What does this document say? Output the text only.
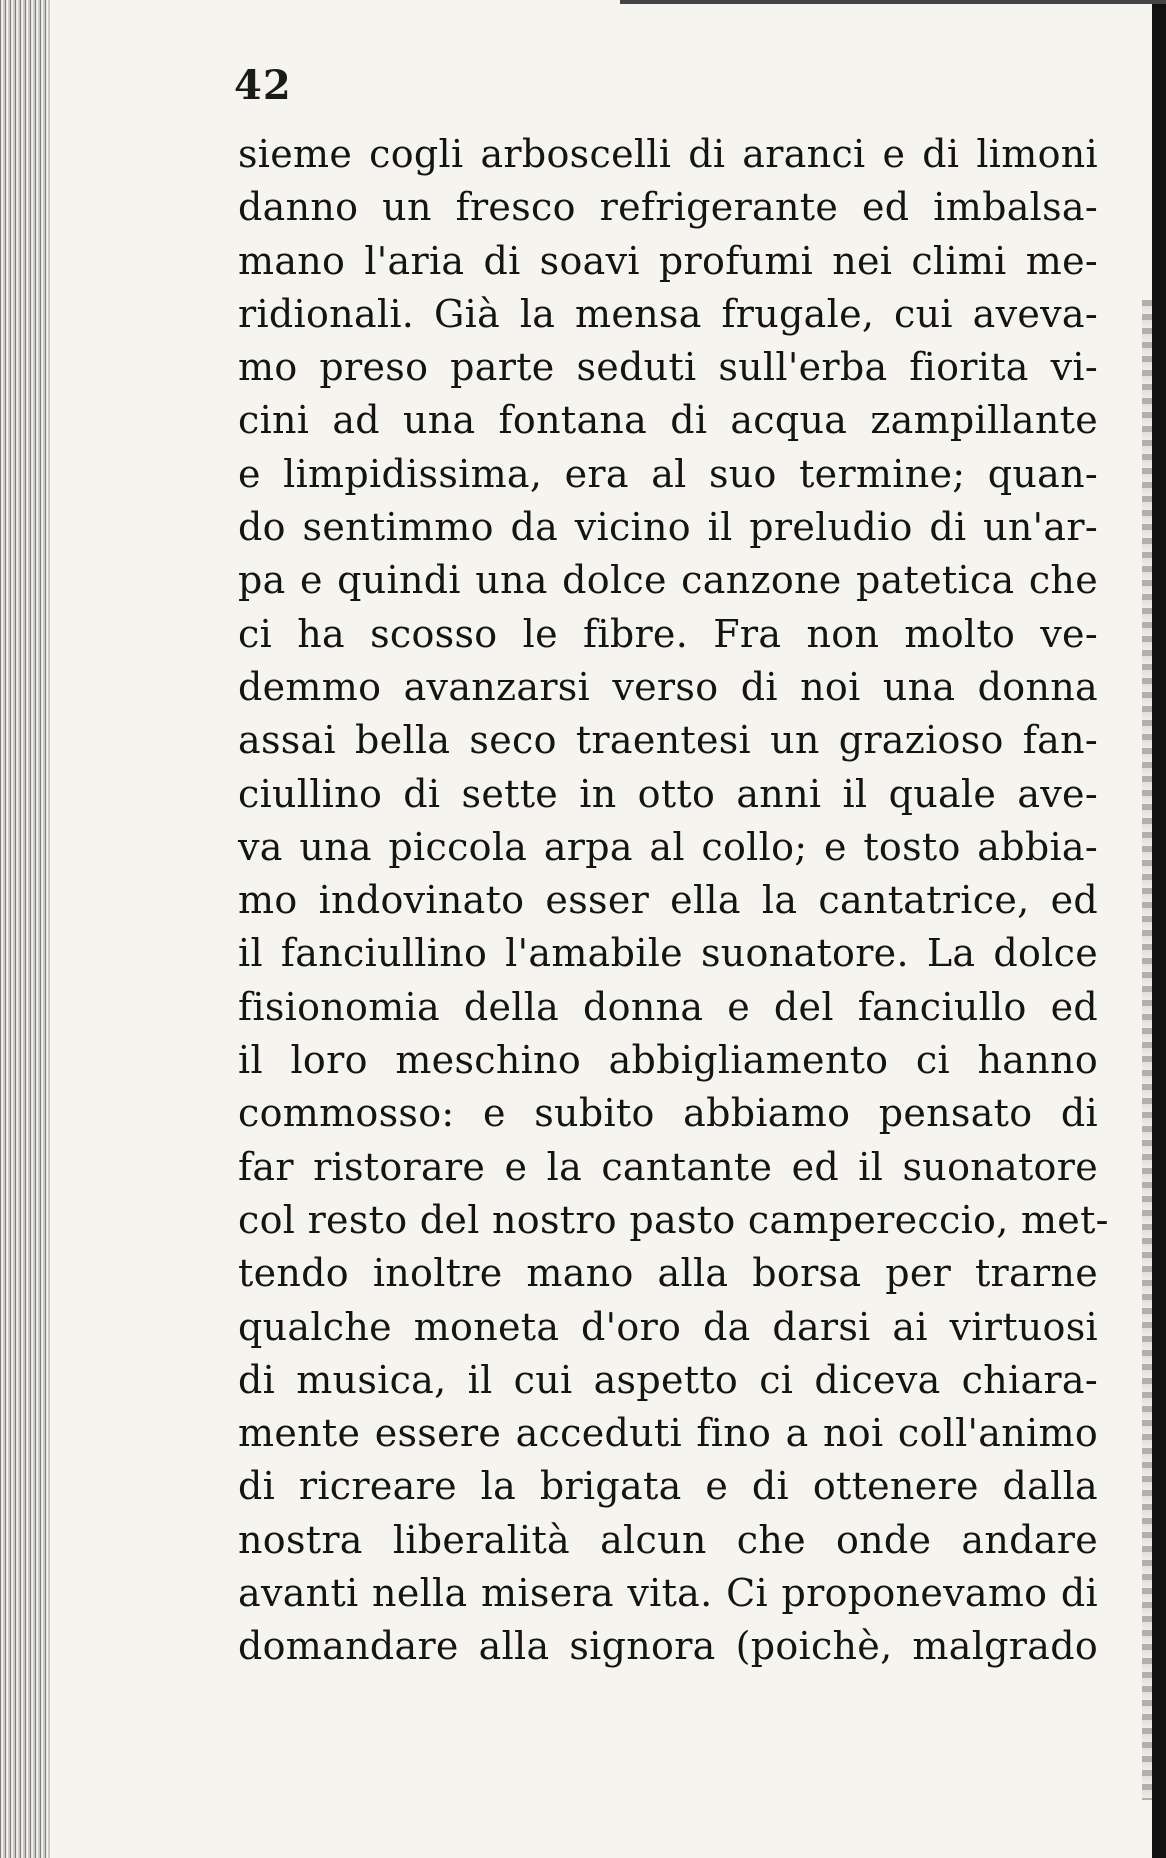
42
sieme cogli arboscelli di aranci e di limoni
danno un fresco refrigerante ed imbalsa-
mano l'aria di soavi profumi nei climi me-
ridionali. Già la mensa frugale, cui aveva-
mo preso parte seduti sull'erba fiorita vi-
cini ad una fontana di acqua zampillante
e limpidissima, era al suo termine; quan-
do sentimmo da vicino il preludio di un'ar-
pa e quindi una dolce canzone patetica che
ci ha scosso le fibre. Fra non molto ve-
demmo avanzarsi verso di noi una donna
assai bella seco traentesi un grazioso fan-
ciullino di sette in otto anni il quale ave-
va una piccola arpa al collo; e tosto abbia-
mo indovinato esser ella la cantatrice, ed
il fanciullino l'amabile suonatore. La dolce
fisionomia della donna e del fanciullo ed
il loro meschino abbigliamento ci hanno
commosso: e subito abbiamo pensato di
far ristorare e la cantante ed il suonatore
col resto del nostro pasto campereccio, met-
tendo inoltre mano alla borsa per trarne
qualche moneta d'oro da darsi ai virtuosi
di musica, il cui aspetto ci diceva chiara-
mente essere acceduti fino a noi coll'animo
di ricreare la brigata e di ottenere dalla
nostra liberalità alcun che onde andare
avanti nella misera vita. Ci proponevamo di
domandare alla signora (poichè, malgrado
